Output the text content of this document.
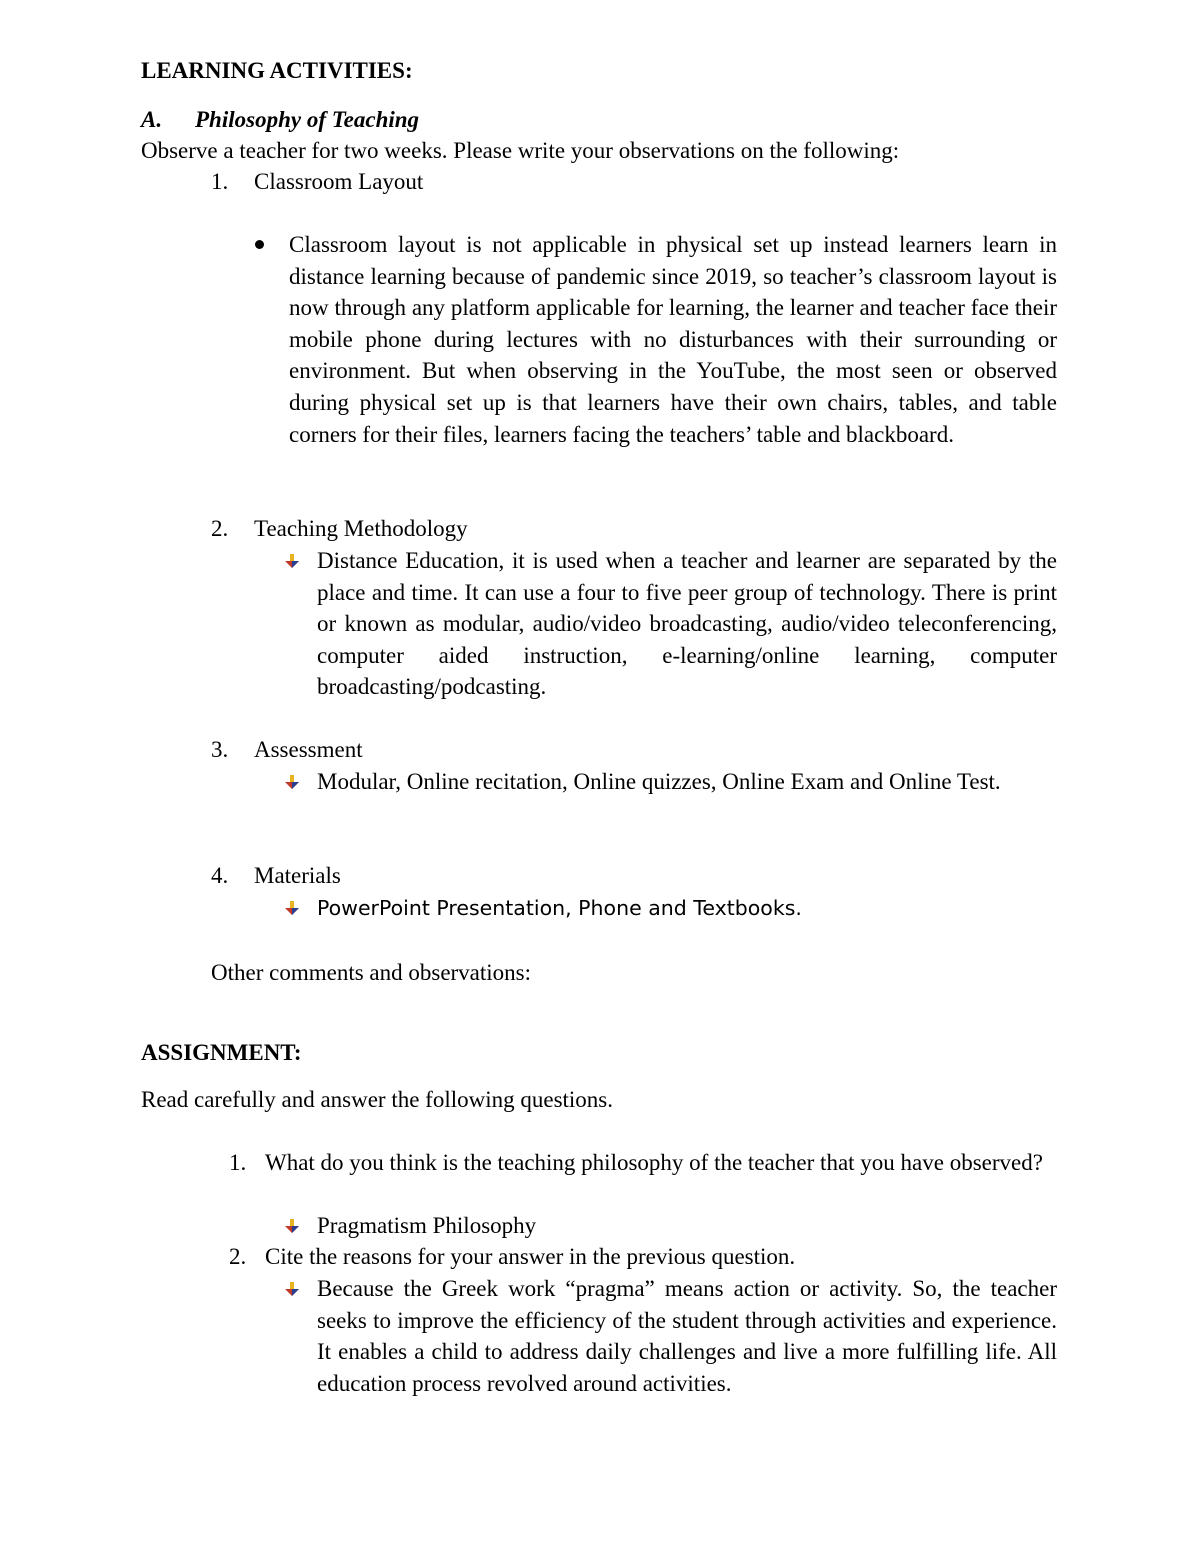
LEARNING ACTIVITIES:
A. Philosophy of Teaching
Observe a teacher for two weeks. Please write your observations on the following:
1. Classroom Layout
Classroom layout is not applicable in physical set up instead learners learn in distance learning because of pandemic since 2019, so teacher’s classroom layout is now through any platform applicable for learning, the learner and teacher face their mobile phone during lectures with no disturbances with their surrounding or environment. But when observing in the YouTube, the most seen or observed during physical set up is that learners have their own chairs, tables, and table corners for their files, learners facing the teachers’ table and blackboard.
2. Teaching Methodology
Distance Education, it is used when a teacher and learner are separated by the place and time. It can use a four to five peer group of technology. There is print or known as modular, audio/video broadcasting, audio/video teleconferencing, computer aided instruction, e-learning/online learning, computer broadcasting/podcasting.
3. Assessment
Modular, Online recitation, Online quizzes, Online Exam and Online Test.
4. Materials
PowerPoint Presentation, Phone and Textbooks.
Other comments and observations:
ASSIGNMENT:
Read carefully and answer the following questions.
1. What do you think is the teaching philosophy of the teacher that you have observed?
Pragmatism Philosophy
2. Cite the reasons for your answer in the previous question.
Because the Greek work “pragma” means action or activity. So, the teacher seeks to improve the efficiency of the student through activities and experience. It enables a child to address daily challenges and live a more fulfilling life. All education process revolved around activities.
